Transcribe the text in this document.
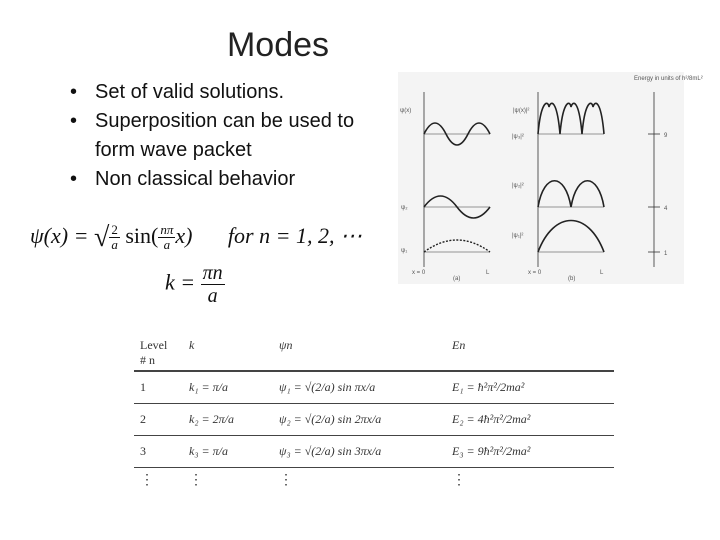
Modes
• Set of valid solutions.
• Superposition can be used to form wave packet
• Non classical behavior
ψ(x) = √ $\frac{2}{a} \sin( \frac{n\pi}{a} x)$ for n = 1, 2, ⋯
$k = \frac{\pi n}{a}$
ψ(x)
ψ₂
ψ₁
x = 0	L
(a)
|ψ(x)|²
|ψ₃|²
|ψ₂|²
|ψ₁|²
x = 0	L
(b)
Energy in units of h²/8mL²
9
4
1
Level
# n
k	ψn	En
1	k₁ = π/a	ψ₁ = √(2/a) sin πx/a	E₁ = ħ²π²/2ma²
2	k₂ = 2π/a	ψ₂ = √(2/a) sin 2πx/a	E₂ = 4ħ²π²/2ma²
3	k₃ = π/a	ψ₃ = √(2/a) sin 3πx/a	E₃ = 9ħ²π²/2ma²
⋮	⋮	⋮	⋮
